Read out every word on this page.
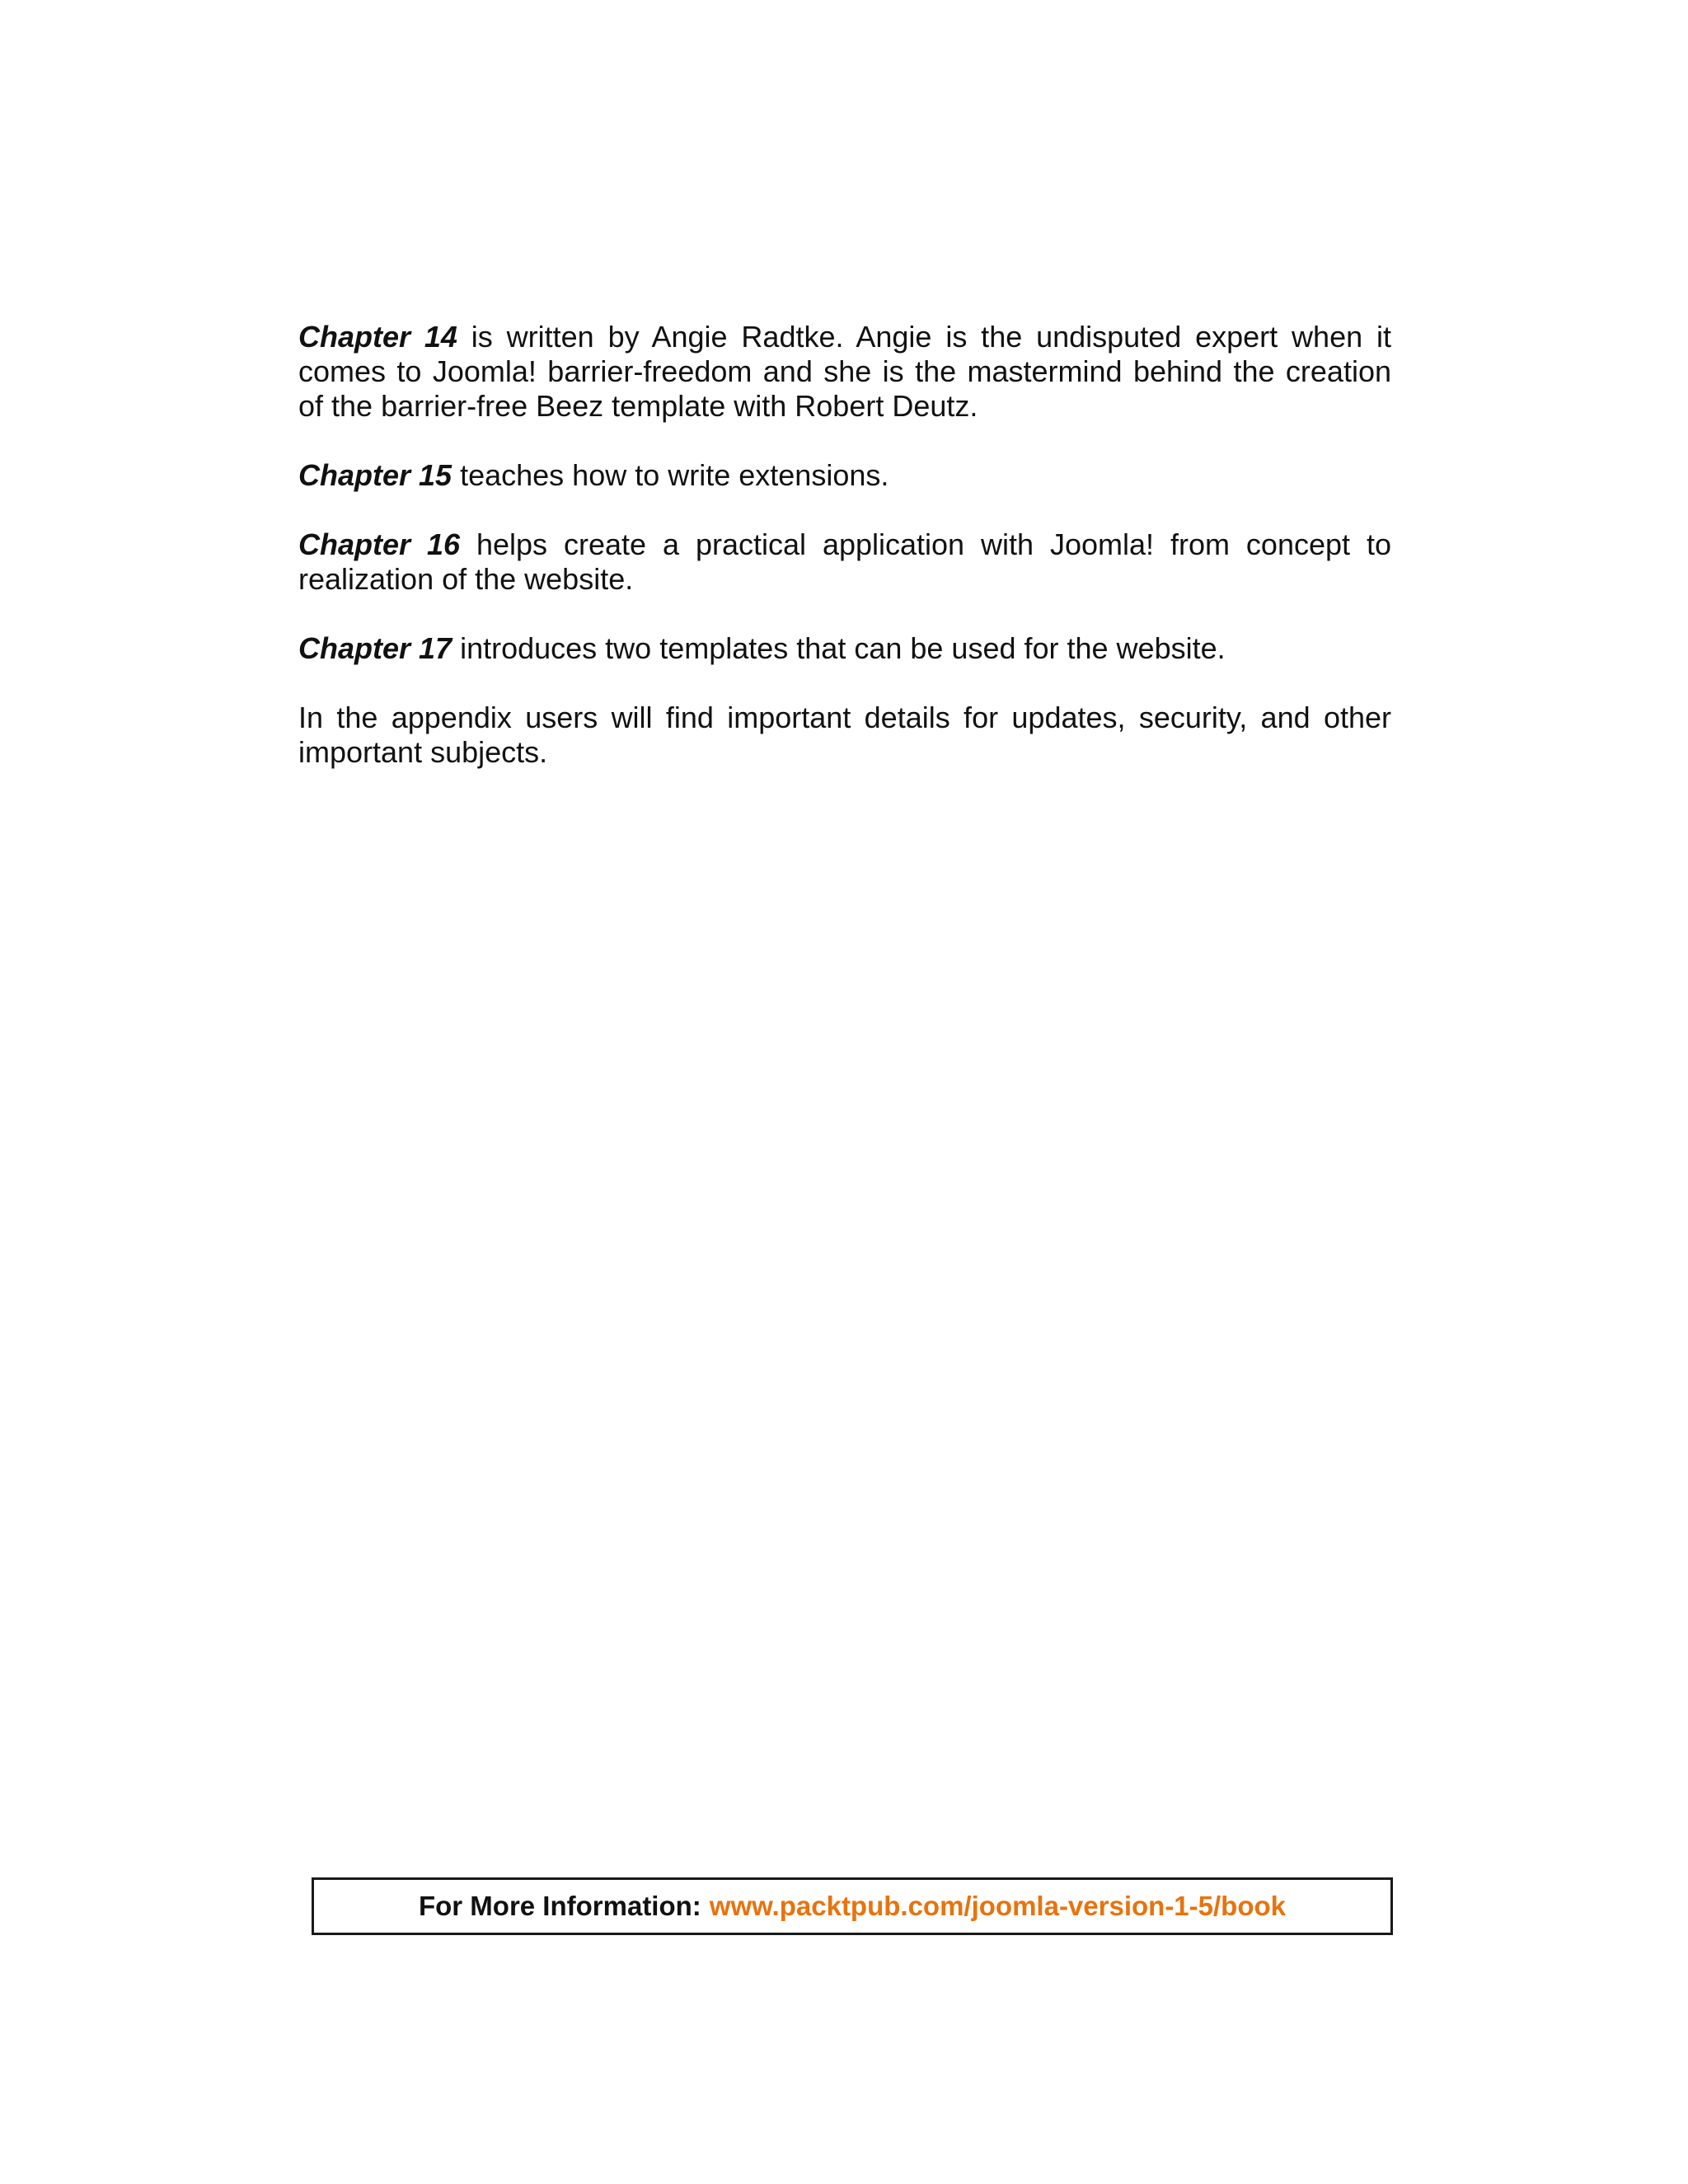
Chapter 14 is written by Angie Radtke. Angie is the undisputed expert when it comes to Joomla! barrier-freedom and she is the mastermind behind the creation of the barrier-free Beez template with Robert Deutz.

Chapter 15 teaches how to write extensions.

Chapter 16 helps create a practical application with Joomla! from concept to realization of the website.

Chapter 17 introduces two templates that can be used for the website.

In the appendix users will find important details for updates, security, and other important subjects.

For More Information: www.packtpub.com/joomla-version-1-5/book
